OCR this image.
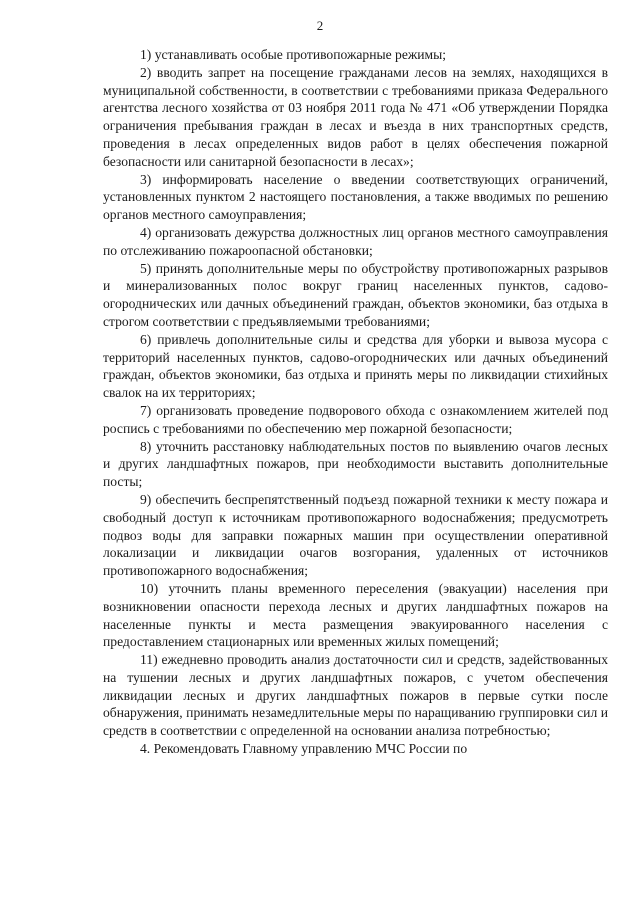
2

1) устанавливать особые противопожарные режимы;

2) вводить запрет на посещение гражданами лесов на землях, находящихся в муниципальной собственности, в соответствии с требованиями приказа Федерального агентства лесного хозяйства от 03 ноября 2011 года № 471 «Об утверждении Порядка ограничения пребывания граждан в лесах и въезда в них транспортных средств, проведения в лесах определенных видов работ в целях обеспечения пожарной безопасности или санитарной безопасности в лесах»;

3) информировать население о введении соответствующих ограничений, установленных пунктом 2 настоящего постановления, а также вводимых по решению органов местного самоуправления;

4) организовать дежурства должностных лиц органов местного самоуправления по отслеживанию пожароопасной обстановки;

5) принять дополнительные меры по обустройству противопожарных разрывов и минерализованных полос вокруг границ населенных пунктов, садово-огороднических или дачных объединений граждан, объектов экономики, баз отдыха в строгом соответствии с предъявляемыми требованиями;

6) привлечь дополнительные силы и средства для уборки и вывоза мусора с территорий населенных пунктов, садово-огороднических или дачных объединений граждан, объектов экономики, баз отдыха и принять меры по ликвидации стихийных свалок на их территориях;

7) организовать проведение подворового обхода с ознакомлением жителей под роспись с требованиями по обеспечению мер пожарной безопасности;

8) уточнить расстановку наблюдательных постов по выявлению очагов лесных и других ландшафтных пожаров, при необходимости выставить дополнительные посты;

9) обеспечить беспрепятственный подъезд пожарной техники к месту пожара и свободный доступ к источникам противопожарного водоснабжения; предусмотреть подвоз воды для заправки пожарных машин при осуществлении оперативной локализации и ликвидации очагов возгорания, удаленных от источников противопожарного водоснабжения;

10) уточнить планы временного переселения (эвакуации) населения при возникновении опасности перехода лесных и других ландшафтных пожаров на населенные пункты и места размещения эвакуированного населения с предоставлением стационарных или временных жилых помещений;

11) ежедневно проводить анализ достаточности сил и средств, задействованных на тушении лесных и других ландшафтных пожаров, с учетом обеспечения ликвидации лесных и других ландшафтных пожаров в первые сутки после обнаружения, принимать незамедлительные меры по наращиванию группировки сил и средств в соответствии с определенной на основании анализа потребностью;

4. Рекомендовать Главному управлению МЧС России по
